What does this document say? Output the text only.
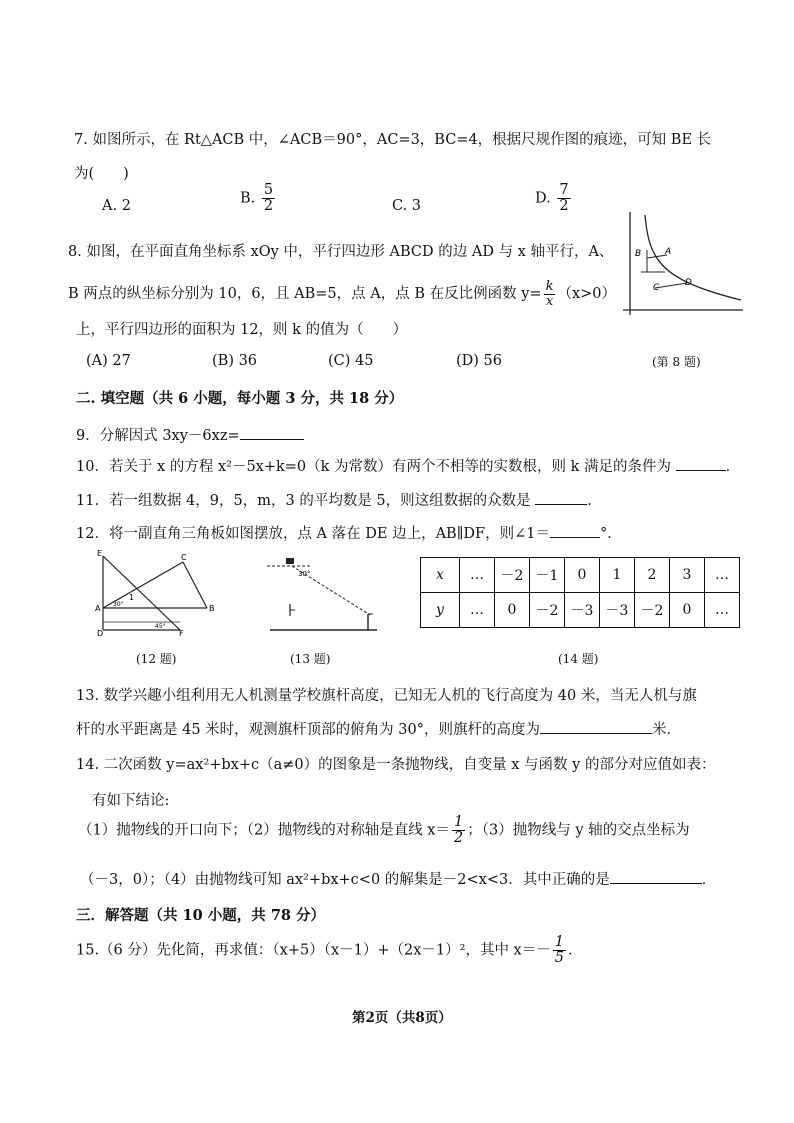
7. 如图所示，在 Rt△ACB 中，∠ACB＝90°，AC=3，BC=4，根据尺规作图的痕迹，可知 BE 长
为(　　)
A. 2	B. $\frac{5}{2}$	C. 3	D. $\frac{7}{2}$
8. 如图，在平面直角坐标系 xOy 中，平行四边形 ABCD 的边 AD 与 x 轴平行，A、
B 两点的纵坐标分别为 10，6，且 AB=5，点 A，点 B 在反比例函数 $y= \frac{k}{x} (x>0)$
上，平行四边形的面积为 12，则 k 的值为（　　）
(A) 27	(B) 36	(C) 45	(D) 56
B	A
C	D
(第 8 题)
二. 填空题（共 6 小题，每小题 3 分，共 18 分）
9．分解因式 3xy－6xz=
10．若关于 x 的方程 x²－5x+k=0（k 为常数）有两个不相等的实数根，则 k 满足的条件为	．
11．若一组数据 4，9，5，m，3 的平均数是 5，则这组数据的众数是	．
12．将一副直角三角板如图摆放，点 A 落在 DE 边上，AB∥DF，则∠1＝	°．
E	C
A	B
D	F
1
30°
45°
(12 题)
30°
(13 题)
x	…	－2	－1	0	1	2	3	…
y	…	0	－2	－3	－3	－2	0	…
(14 题)
13. 数学兴趣小组利用无人机测量学校旗杆高度，已知无人机的飞行高度为 40 米，当无人机与旗
杆的水平距离是 45 米时，观测旗杆顶部的俯角为 30°，则旗杆的高度为	米．
14. 二次函数 y=ax²+bx+c（a≠0）的图象是一条抛物线，自变量 x 与函数 y 的部分对应值如表：
有如下结论:
（1）抛物线的开口向下；（2）抛物线的对称轴是直线 $x= \frac{1}{2}$ ；（3）抛物线与 y 轴的交点坐标为
（－3，0）；（4）由抛物线可知 ax²+bx+c<0 的解集是－2<x<3．其中正确的是	．
三．解答题（共 10 小题，共 78 分）
15.（6 分）先化简，再求值：（x+5）（x－1）+（2x－1）²，其中 $x=- \frac{1}{5}$ ．
第2页（共8页）
